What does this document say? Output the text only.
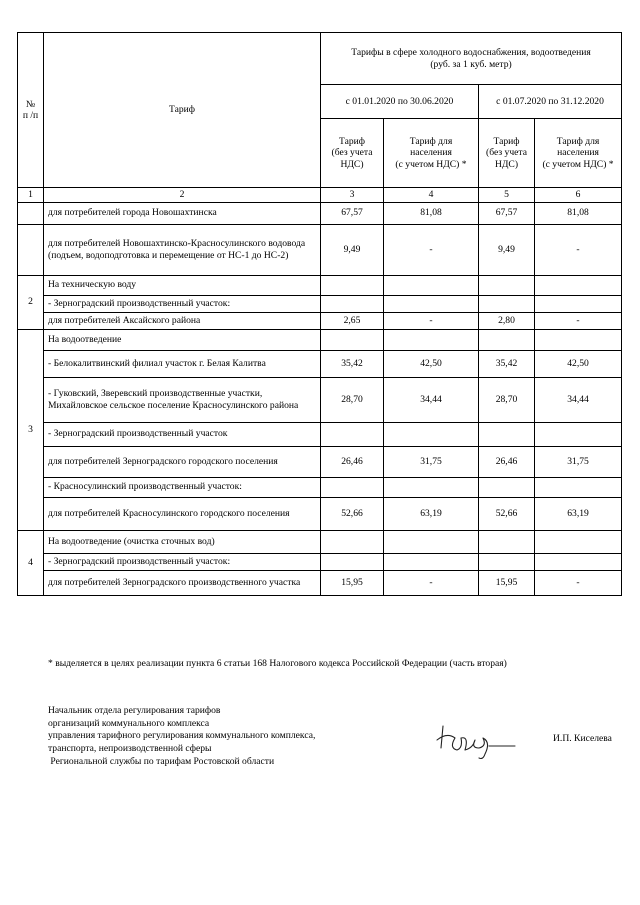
№
п /п	Тариф	Тарифы в сфере холодного водоснабжения, водоотведения
(руб. за 1 куб. метр)			
		с 01.01.2020 по 30.06.2020		с 01.07.2020 по 31.12.2020	
		Тариф
(без учета
НДС)	Тариф для
населения
(с учетом НДС) *	Тариф
(без учета
НДС)	Тариф для
населения
(с учетом НДС) *
1	2	3	4	5	6
	для потребителей города Новошахтинска	67,57	81,08	67,57	81,08
	для потребителей Новошахтинско-Красносулинского водовода (подъем, водоподготовка и перемещение от НС-1 до НС-2)	9,49	-	9,49	-
2	На техническую воду				
	- Зерноградский производственный участок:				
	для потребителей Аксайского района	2,65	-	2,80	-
3	На водоотведение				
	- Белокалитвинский филиал участок г. Белая Калитва	35,42	42,50	35,42	42,50
	- Гуковский, Зверевский производственные участки, Михайловское сельское поселение Красносулинского района	28,70	34,44	28,70	34,44
	- Зерноградский производственный участок				
	для потребителей Зерноградского городского поселения	26,46	31,75	26,46	31,75
	- Красносулинский производственный участок:				
	для потребителей Красносулинского городского поселения	52,66	63,19	52,66	63,19
4	На водоотведение (очистка сточных вод)				
	- Зерноградский производственный участок:				
	для потребителей Зерноградского производственного участка	15,95	-	15,95	-
* выделяется в целях реализации пункта 6 статьи 168 Налогового кодекса Российской Федерации (часть вторая)
Начальник отдела регулирования тарифов
организаций коммунального комплекса
управления тарифного регулирования коммунального комплекса,
транспорта, непроизводственной сферы
Региональной службы по тарифам Ростовской области
И.П. Киселева
